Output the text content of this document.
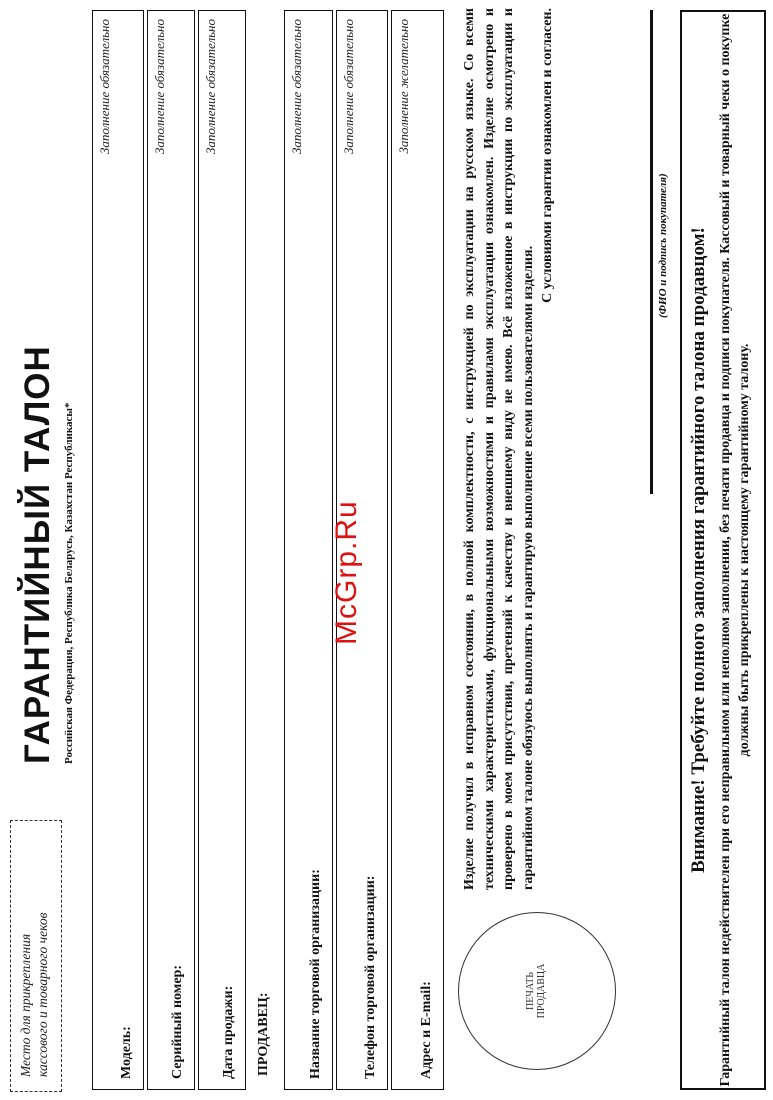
Место для прикрепления кассового и товарного чеков
ГАРАНТИЙНЫЙ ТАЛОН Российская Федерация, Республика Беларусь, Казахстан Республикасы*
Модель:
Заполнение обязательно
Серийный номер:
Заполнение обязательно
Дата продажи:
Заполнение обязательно
ПРОДАВЕЦ:	Название торговой организации:
Заполнение обязательно
Телефон торговой организации:
Заполнение обязательно
Адрес и E-mail:
Заполнение желательно
ПЕЧАТЬ ПРОДАВЦА

Изделие получил в исправном состоянии, в полной комплектности, с инструкцией по эксплуатации на русском языке. Со всеми техническими характеристиками, функциональными возможностями и правилами эксплуатации ознакомлен. Изделие осмотрено и проверено в моем присутствии, претензий к качеству и внешнему виду не имею. Всё изложенное в инструкции по эксплуатации и гарантийном талоне обязуюсь выполнять и гарантирую выполнение всеми пользователями изделия.

С условиями гарантии ознакомлен и согласен.	(ФИО и подпись покупателя) Внимание! Требуйте полного заполнения гарантийного талона продавцом! Гарантийный талон недействителен при его неправильном или неполном заполнении, без печати продавца и подписи покупателя. Кассовый и товарный чеки о покупке должны быть прикреплены к настоящему гарантийному талону.
McGrp.Ru
